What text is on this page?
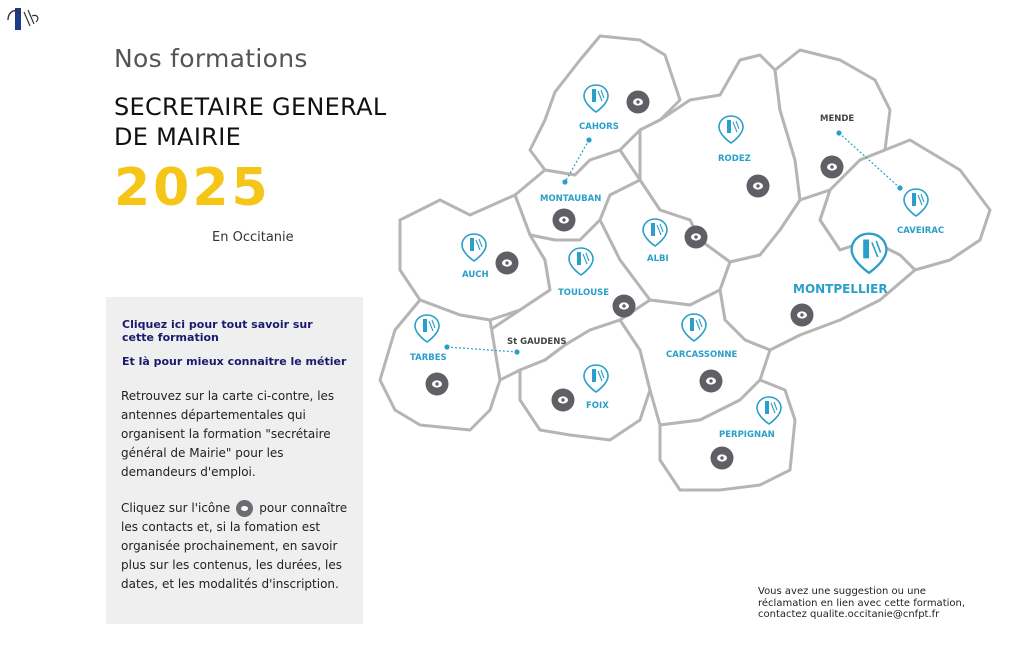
Nos formations
SECRETAIRE GENERAL
DE MAIRIE
2025
En Occitanie
Cliquez ici pour tout savoir sur cette formation
Et là pour mieux connaitre le métier
Retrouvez sur la carte ci-contre, les antennes départementales qui organisent la formation "secrétaire général de Mairie" pour les demandeurs d'emploi.
Cliquez sur l'icône pour connaître les contacts et, si la fomation est organisée prochainement, en savoir plus sur les contenus, les durées, les dates, et les modalités d'inscription.
Vous avez une suggestion ou une
réclamation en lien avec cette formation,
contactez qualite.occitanie@cnfpt.fr
CAHORS
RODEZ
MENDE
MONTAUBAN
CAVEIRAC
ALBI
AUCH
TOULOUSE	MONTPELLIER
TARBES
St GAUDENS
CARCASSONNE
FOIX
PERPIGNAN
